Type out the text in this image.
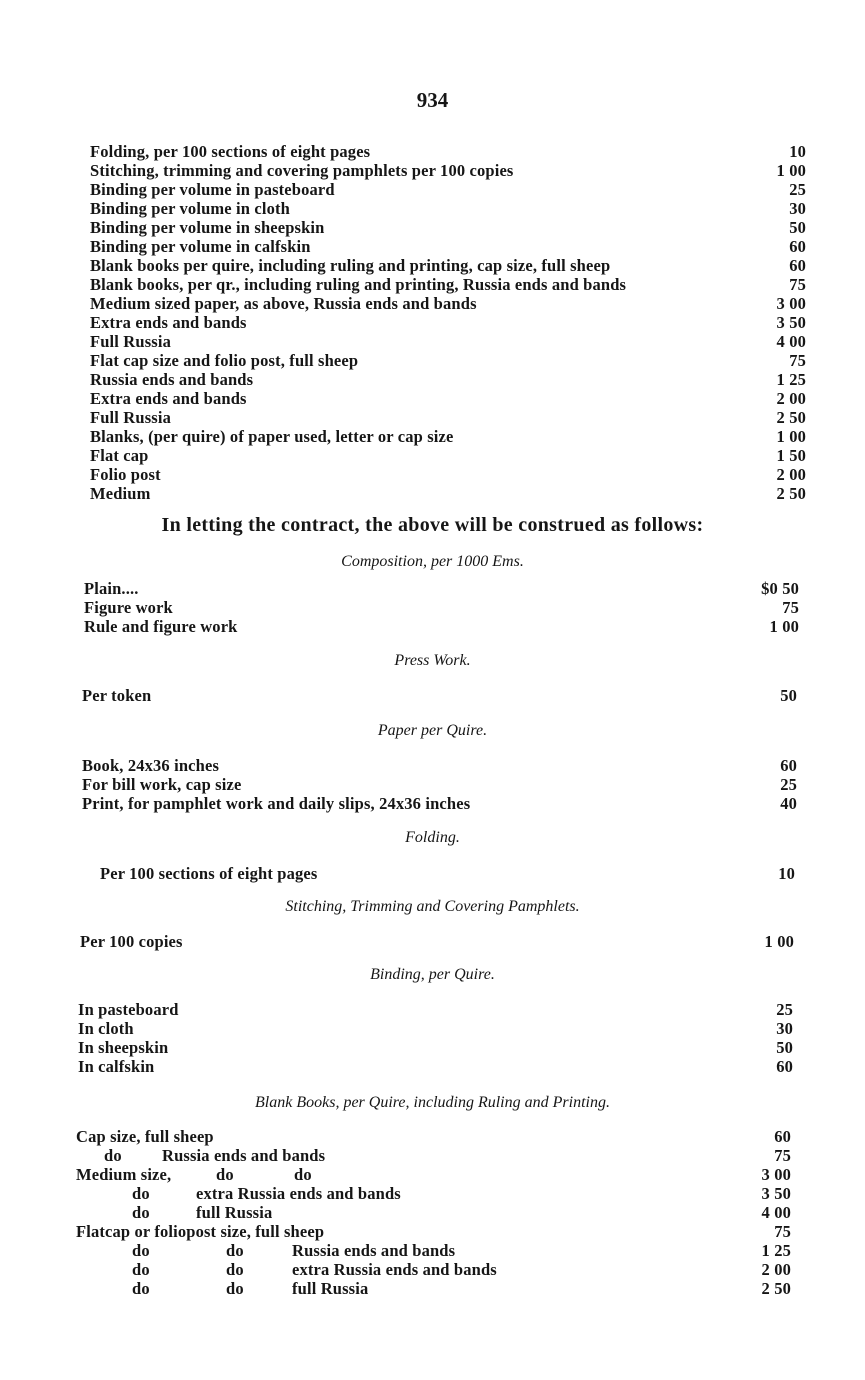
934
Folding, per 100 sections of eight pages	10
Stitching, trimming and covering pamphlets per 100 copies	1 00
Binding per volume in pasteboard	25
Binding per volume in cloth	30
Binding per volume in sheepskin	50
Binding per volume in calfskin	60
Blank books per quire, including ruling and printing, cap size, full sheep	60
Blank books, per qr., including ruling and printing, Russia ends and bands	75
Medium sized paper, as above, Russia ends and bands	3 00
Extra ends and bands	3 50
Full Russia	4 00
Flat cap size and folio post, full sheep	75
Russia ends and bands	1 25
Extra ends and bands	2 00
Full Russia	2 50
Blanks, (per quire) of paper used, letter or cap size	1 00
Flat cap	1 50
Folio post	2 00
Medium	2 50
In letting the contract, the above will be construed as follows:
Composition, per 1000 Ems.
Plain....	$0 50
Figure work	75
Rule and figure work	1 00
Press Work.
Per token	50
Paper per Quire.
Book, 24x36 inches	60
For bill work, cap size	25
Print, for pamphlet work and daily slips, 24x36 inches	40
Folding.
Per 100 sections of eight pages	10
Stitching, Trimming and Covering Pamphlets.
Per 100 copies	1 00
Binding, per Quire.
In pasteboard	25
In cloth	30
In sheepskin	50
In calfskin	60
Blank Books, per Quire, including Ruling and Printing.
Cap size, full sheep	60
do Russia ends and bands	75
Medium size,	do	do	3 00
do	extra Russia ends and bands	3 50
do	full Russia	4 00
Flatcap or foliopost size, full sheep	75
do	do	Russia ends and bands	1 25
do	do	extra Russia ends and bands	2 00
do	do	full Russia	2 50
